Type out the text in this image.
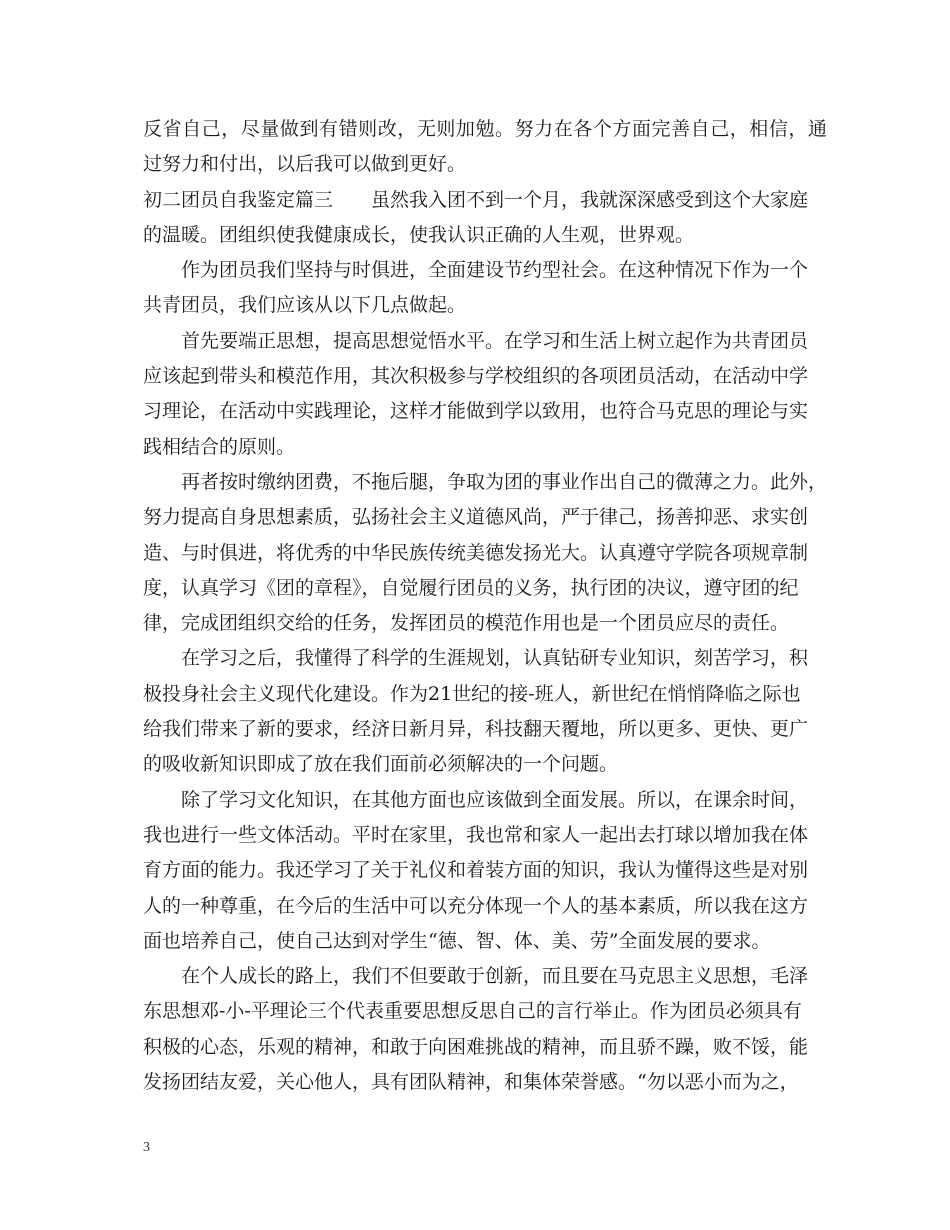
反省自己，尽量做到有错则改，无则加勉。努力在各个方面完善自己，相信，通
过努力和付出，以后我可以做到更好。
初二团员自我鉴定篇三 虽然我入团不到一个月，我就深深感受到这个大家庭
的温暖。团组织使我健康成长，使我认识正确的人生观，世界观。
作为团员我们坚持与时俱进，全面建设节约型社会。在这种情况下作为一个
共青团员，我们应该从以下几点做起。
首先要端正思想，提高思想觉悟水平。在学习和生活上树立起作为共青团员
应该起到带头和模范作用，其次积极参与学校组织的各项团员活动，在活动中学
习理论，在活动中实践理论，这样才能做到学以致用，也符合马克思的理论与实
践相结合的原则。
再者按时缴纳团费，不拖后腿，争取为团的事业作出自己的微薄之力。此外，
努力提高自身思想素质，弘扬社会主义道德风尚，严于律己，扬善抑恶、求实创
造、与时俱进，将优秀的中华民族传统美德发扬光大。认真遵守学院各项规章制
度，认真学习《团的章程》，自觉履行团员的义务，执行团的决议，遵守团的纪
律，完成团组织交给的任务，发挥团员的模范作用也是一个团员应尽的责任。
在学习之后，我懂得了科学的生涯规划，认真钻研专业知识，刻苦学习，积
极投身社会主义现代化建设。作为21世纪的接-班人，新世纪在悄悄降临之际也
给我们带来了新的要求，经济日新月异，科技翻天覆地，所以更多、更快、更广
的吸收新知识即成了放在我们面前必须解决的一个问题。
除了学习文化知识，在其他方面也应该做到全面发展。所以，在课余时间，
我也进行一些文体活动。平时在家里，我也常和家人一起出去打球以增加我在体
育方面的能力。我还学习了关于礼仪和着装方面的知识，我认为懂得这些是对别
人的一种尊重，在今后的生活中可以充分体现一个人的基本素质，所以我在这方
面也培养自己，使自己达到对学生“德、智、体、美、劳”全面发展的要求。
在个人成长的路上，我们不但要敢于创新，而且要在马克思主义思想，毛泽
东思想邓-小-平理论三个代表重要思想反思自己的言行举止。作为团员必须具有
积极的心态，乐观的精神，和敢于向困难挑战的精神，而且骄不躁，败不馁，能
发扬团结友爱，关心他人，具有团队精神，和集体荣誉感。“勿以恶小而为之，
3
